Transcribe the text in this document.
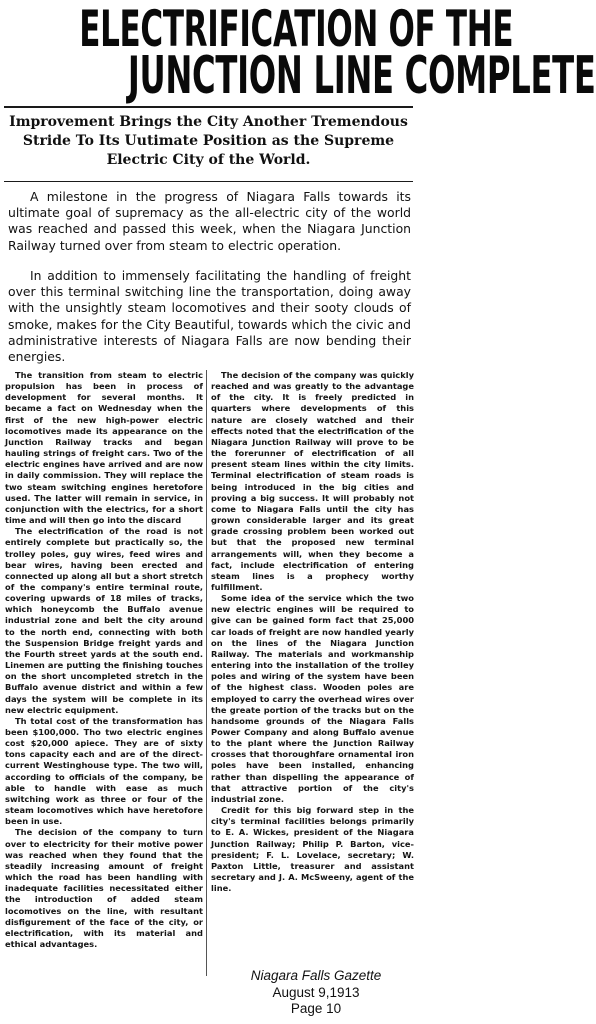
ELECTRIFICATION OF THE
JUNCTION LINE COMPLETE
Improvement Brings the City Another Tremendous Stride To Its Uutimate Position as the Supreme Electric City of the World.

A milestone in the progress of Niagara Falls towards its ultimate goal of supremacy as the all-electric city of the world was reached and passed this week, when the Niagara Junction Railway turned over from steam to electric operation.

In addition to immensely facilitating the handling of freight over this terminal switching line the transportation, doing away with the unsightly steam locomotives and their sooty clouds of smoke, makes for the City Beautiful, towards which the civic and administrative interests of Niagara Falls are now bending their energies.

The transition from steam to electric propulsion has been in process of development for several months. It became a fact on Wednesday when the first of the new high-power electric locomotives made its appearance on the Junction Railway tracks and began hauling strings of freight cars. Two of the electric engines have arrived and are now in daily commission. They will replace the two steam switching engines heretofore used. The latter will remain in service, in conjunction with the electrics, for a short time and will then go into the discard

The electrification of the road is not entirely complete but practically so, the trolley poles, guy wires, feed wires and bear wires, having been erected and connected up along all but a short stretch of the company's entire terminal route, covering upwards of 18 miles of tracks, which honeycomb the Buffalo avenue industrial zone and belt the city around to the north end, connecting with both the Suspension Bridge freight yards and the Fourth street yards at the south end. Linemen are putting the finishing touches on the short uncompleted stretch in the Buffalo avenue district and within a few days the system will be complete in its new electric equipment.

Th total cost of the transformation has been $100,000. Tho two electric engines cost $20,000 apiece. They are of sixty tons capacity each and are of the direct-current Westinghouse type. The two will, according to officials of the company, be able to handle with ease as much switching work as three or four of the steam locomotives which have heretofore been in use.

The decision of the company to turn over to electricity for their motive power was reached when they found that the steadily increasing amount of freight which the road has been handling with inadequate facilities necessitated either the introduction of added steam locomotives on the line, with resultant disfigurement of the face of the city, or electrification, with its material and ethical advantages.

The decision of the company was quickly reached and was greatly to the advantage of the city. It is freely predicted in quarters where developments of this nature are closely watched and their effects noted that the electrification of the Niagara Junction Railway will prove to be the forerunner of electrification of all present steam lines within the city limits. Terminal electrification of steam roads is being introduced in the big cities and proving a big success. It will probably not come to Niagara Falls until the city has grown considerable larger and its great grade crossing problem been worked out but that the proposed new terminal arrangements will, when they become a fact, include electrification of entering steam lines is a prophecy worthy fulfillment.

Some idea of the service which the two new electric engines will be required to give can be gained form fact that 25,000 car loads of freight are now handled yearly on the lines of the Niagara Junction Railway. The materials and workmanship entering into the installation of the trolley poles and wiring of the system have been of the highest class. Wooden poles are employed to carry the overhead wires over the greate portion of the tracks but on the handsome grounds of the Niagara Falls Power Company and along Buffalo avenue to the plant where the Junction Railway crosses that thoroughfare ornamental iron poles have been installed, enhancing rather than dispelling the appearance of that attractive portion of the city's industrial zone.

Credit for this big forward step in the city's terminal facilities belongs primarily to E. A. Wickes, president of the Niagara Junction Railway; Philip P. Barton, vice-president; F. L. Lovelace, secretary; W. Paxton Little, treasurer and assistant secretary and J. A. McSweeny, agent of the line.

Niagara Falls Gazette
August 9,1913
Page 10
